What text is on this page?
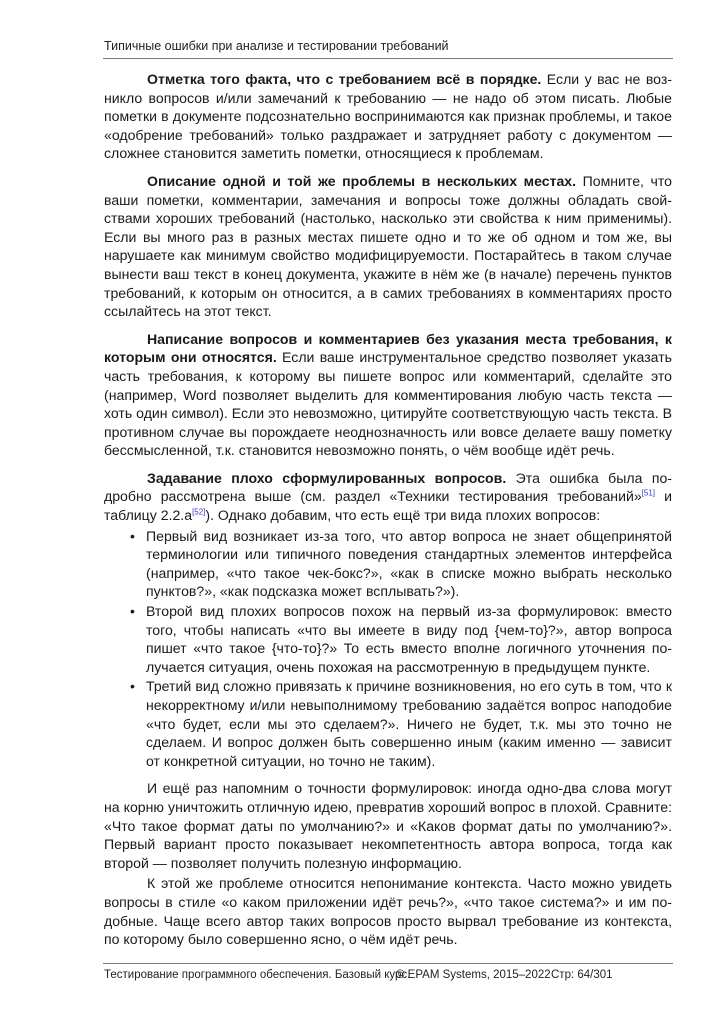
Типичные ошибки при анализе и тестировании требований

Отметка того факта, что с требованием всё в порядке. Если у вас не возникло вопросов и/или замечаний к требованию — не надо об этом писать. Любые пометки в документе подсознательно воспринимаются как признак проблемы, и такое «одобрение требований» только раздражает и затрудняет работу с документом — сложнее становится заметить пометки, относящиеся к проблемам.

Описание одной и той же проблемы в нескольких местах. Помните, что ваши пометки, комментарии, замечания и вопросы тоже должны обладать свойствами хороших требований (настолько, насколько эти свойства к ним применимы). Если вы много раз в разных местах пишете одно и то же об одном и том же, вы нарушаете как минимум свойство модифицируемости. Постарайтесь в таком случае вынести ваш текст в конец документа, укажите в нём же (в начале) перечень пунктов требований, к которым он относится, а в самих требованиях в комментариях просто ссылайтесь на этот текст.

Написание вопросов и комментариев без указания места требования, к которым они относятся. Если ваше инструментальное средство позволяет указать часть требования, к которому вы пишете вопрос или комментарий, сделайте это (например, Word позволяет выделить для комментирования любую часть текста — хоть один символ). Если это невозможно, цитируйте соответствующую часть текста. В противном случае вы порождаете неоднозначность или вовсе делаете вашу пометку бессмысленной, т.к. становится невозможно понять, о чём вообще идёт речь.

Задавание плохо сформулированных вопросов. Эта ошибка была подробно рассмотрена выше (см. раздел «Техники тестирования требований»[51] и таблицу 2.2.a[52]). Однако добавим, что есть ещё три вида плохих вопросов:

• Первый вид возникает из-за того, что автор вопроса не знает общепринятой терминологии или типичного поведения стандартных элементов интерфейса (например, «что такое чек-бокс?», «как в списке можно выбрать несколько пунктов?», «как подсказка может всплывать?»).
• Второй вид плохих вопросов похож на первый из-за формулировок: вместо того, чтобы написать «что вы имеете в виду под {чем-то}?», автор вопроса пишет «что такое {что-то}?» То есть вместо вполне логичного уточнения получается ситуация, очень похожая на рассмотренную в предыдущем пункте.
• Третий вид сложно привязать к причине возникновения, но его суть в том, что к некорректному и/или невыполнимому требованию задаётся вопрос наподобие «что будет, если мы это сделаем?». Ничего не будет, т.к. мы это точно не сделаем. И вопрос должен быть совершенно иным (каким именно — зависит от конкретной ситуации, но точно не таким).

И ещё раз напомним о точности формулировок: иногда одно-два слова могут на корню уничтожить отличную идею, превратив хороший вопрос в плохой. Сравните: «Что такое формат даты по умолчанию?» и «Каков формат даты по умолчанию?». Первый вариант просто показывает некомпетентность автора вопроса, тогда как второй — позволяет получить полезную информацию.

К этой же проблеме относится непонимание контекста. Часто можно увидеть вопросы в стиле «о каком приложении идёт речь?», «что такое система?» и им подобные. Чаще всего автор таких вопросов просто вырвал требование из контекста, по которому было совершенно ясно, о чём идёт речь.

Тестирование программного обеспечения. Базовый курс.
© EPAM Systems, 2015–2022 Стр: 64/301
